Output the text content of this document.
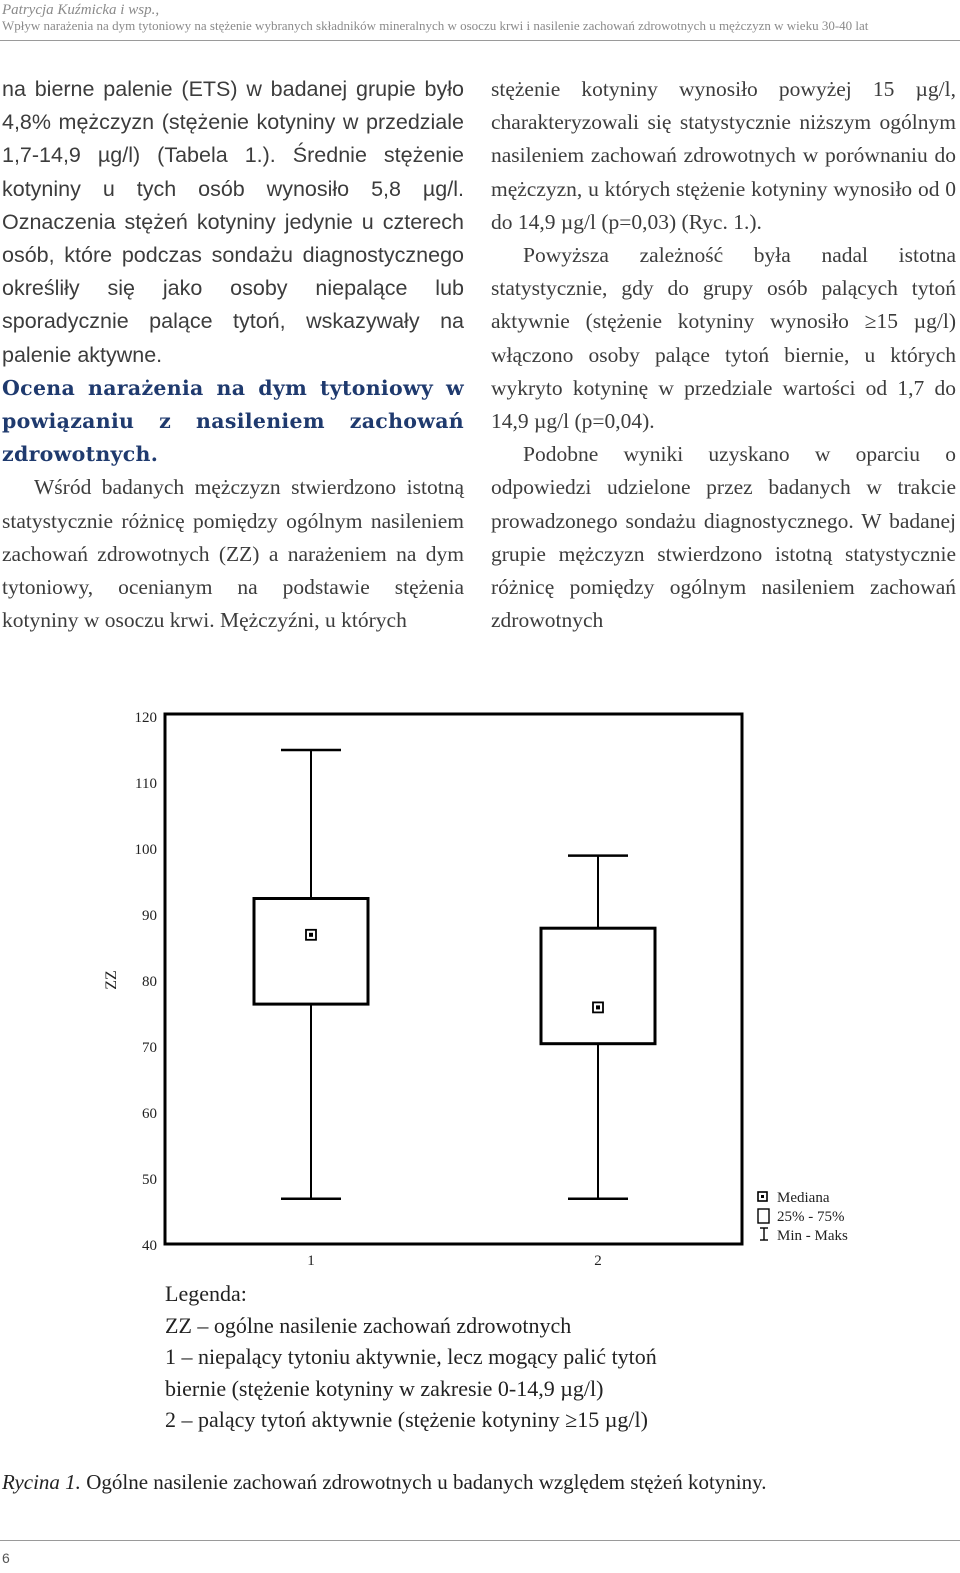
Patrycja Kuźmicka i wsp.,
Wpływ narażenia na dym tytoniowy na stężenie wybranych składników mineralnych w osoczu krwi i nasilenie zachowań zdrowotnych u mężczyzn w wieku 30-40 lat

na bierne palenie (ETS) w badanej grupie było 4,8% mężczyzn (stężenie kotyniny w przedziale 1,7-14,9 µg/l) (Tabela 1.). Średnie stężenie kotyniny u tych osób wynosiło 5,8 µg/l. Oznaczenia stężeń kotyniny jedynie u czterech osób, które podczas sondażu diagnostycznego określiły się jako osoby niepalące lub sporadycznie palące tytoń, wskazywały na palenie aktywne.

Ocena narażenia na dym tytoniowy w powiązaniu z nasileniem zachowań zdrowotnych.

Wśród badanych mężczyzn stwierdzono istotną statystycznie różnicę pomiędzy ogólnym nasileniem zachowań zdrowotnych (ZZ) a narażeniem na dym tytoniowy, ocenianym na podstawie stężenia kotyniny w osoczu krwi. Mężczyźni, u których

stężenie kotyniny wynosiło powyżej 15 µg/l, charakteryzowali się statystycznie niższym ogólnym nasileniem zachowań zdrowotnych w porównaniu do mężczyzn, u których stężenie kotyniny wynosiło od 0 do 14,9 µg/l (p=0,03) (Ryc. 1.).

Powyższa zależność była nadal istotna statystycznie, gdy do grupy osób palących tytoń aktywnie (stężenie kotyniny wynosiło ≥15 µg/l) włączono osoby palące tytoń biernie, u których wykryto kotyninę w przedziale wartości od 1,7 do 14,9 µg/l (p=0,04).

Podobne wyniki uzyskano w oparciu o odpowiedzi udzielone przez badanych w trakcie prowadzonego sondażu diagnostycznego. W badanej grupie mężczyzn stwierdzono istotną statystycznie różnicę pomiędzy ogólnym nasileniem zachowań zdrowotnych

ZZ
40
50
60
70
80
90
100
110
120
1	2
Mediana
25% - 75%
Min - Maks
Legenda:
ZZ – ogólne nasilenie zachowań zdrowotnych
1 – niepalący tytoniu aktywnie, lecz mogący palić tytoń
biernie (stężenie kotyniny w zakresie 0-14,9 µg/l)
2 – palący tytoń aktywnie (stężenie kotyniny ≥15 µg/l)
Rycina 1. Ogólne nasilenie zachowań zdrowotnych u badanych względem stężeń kotyniny.
6
